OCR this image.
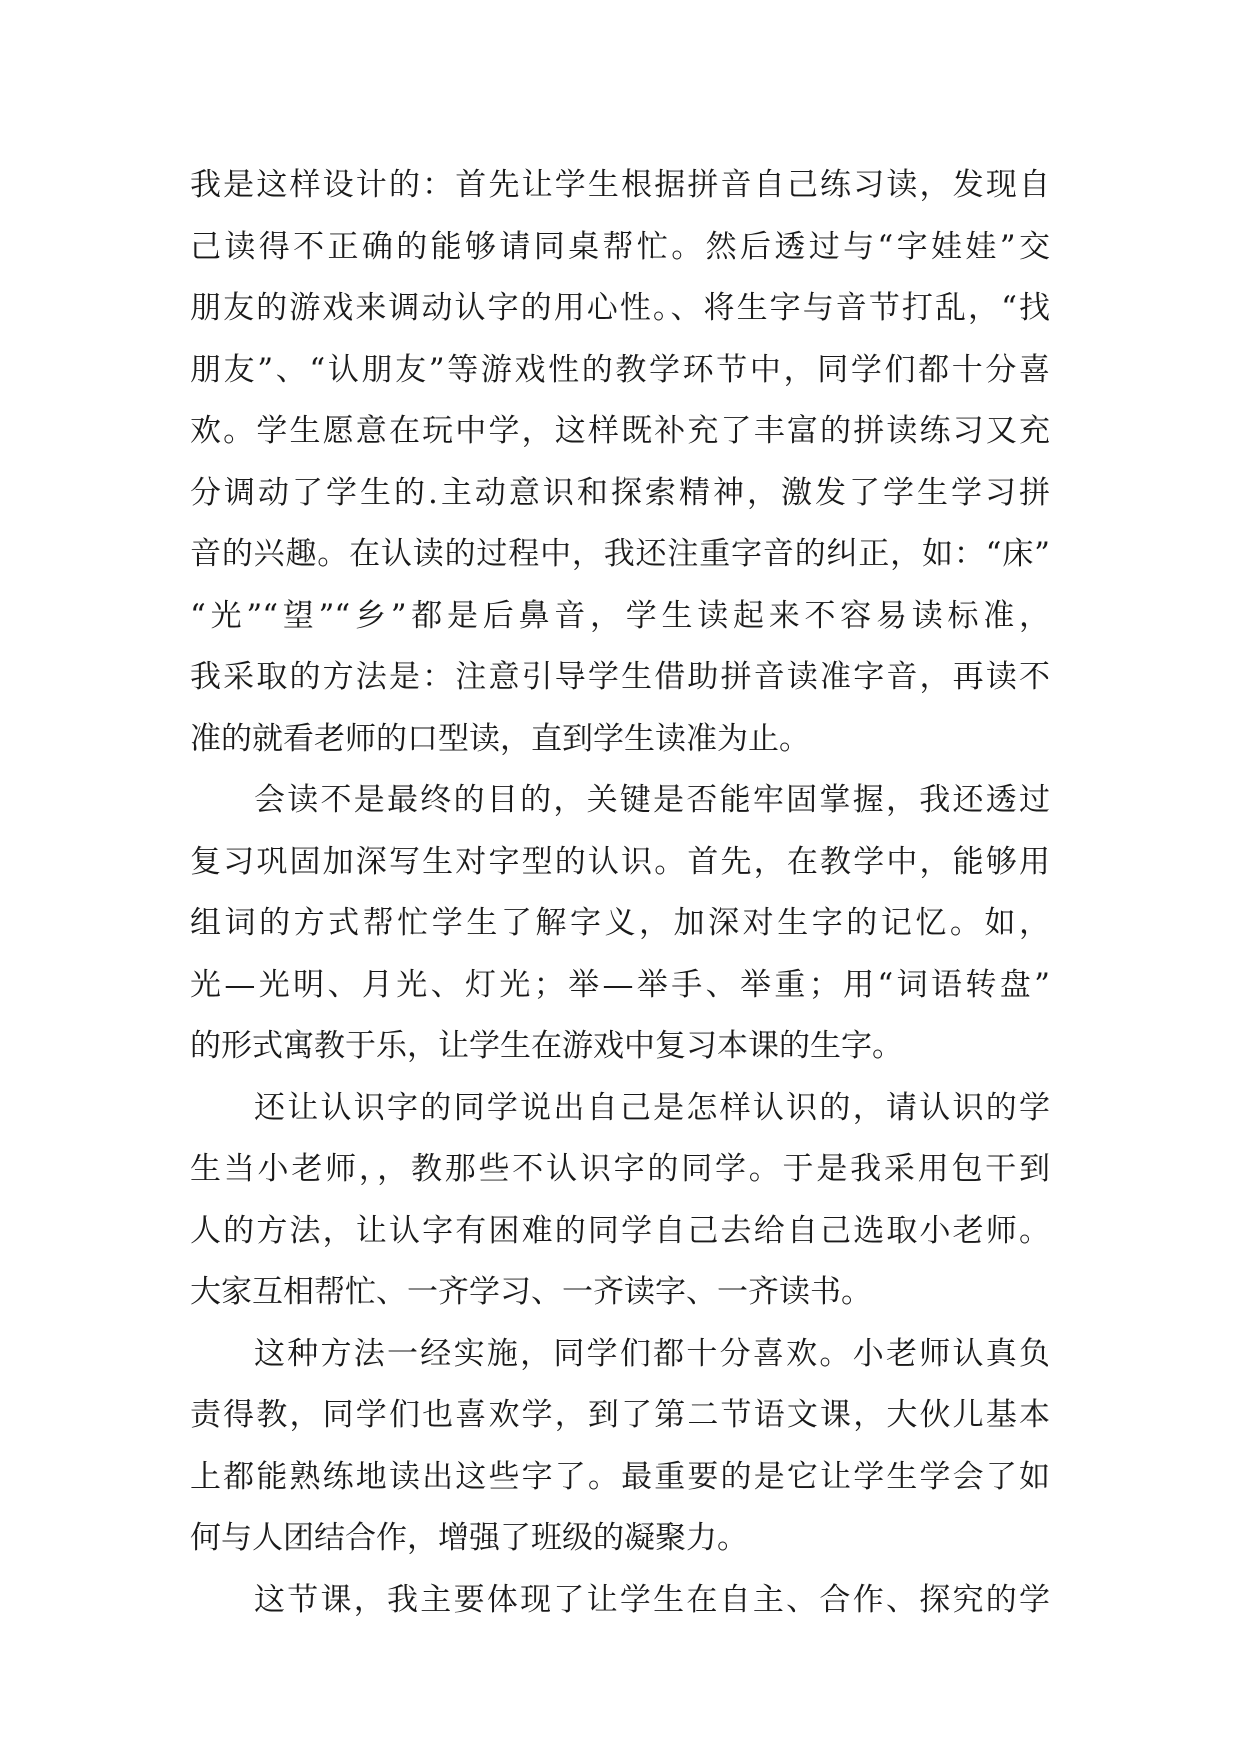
我是这样设计的：首先让学生根据拼音自己练习读，发现自
己读得不正确的能够请同桌帮忙。然后透过与“字娃娃”交
朋友的游戏来调动认字的用心性。、将生字与音节打乱，“找
朋友”、“认朋友”等游戏性的教学环节中，同学们都十分喜
欢。学生愿意在玩中学，这样既补充了丰富的拼读练习又充
分调动了学生的.主动意识和探索精神，激发了学生学习拼
音的兴趣。在认读的过程中，我还注重字音的纠正，如：“床”
“光”“望”“乡”都是后鼻音，学生读起来不容易读标准，
我采取的方法是：注意引导学生借助拼音读准字音，再读不
准的就看老师的口型读，直到学生读准为止。
会读不是最终的目的，关键是否能牢固掌握，我还透过
复习巩固加深写生对字型的认识。首先，在教学中，能够用
组词的方式帮忙学生了解字义，加深对生字的记忆。如，
光—光明、月光、灯光；举—举手、举重；用“词语转盘”
的形式寓教于乐，让学生在游戏中复习本课的生字。
还让认识字的同学说出自己是怎样认识的，请认识的学
生当小老师，，教那些不认识字的同学。于是我采用包干到
人的方法，让认字有困难的同学自己去给自己选取小老师。
大家互相帮忙、一齐学习、一齐读字、一齐读书。
这种方法一经实施，同学们都十分喜欢。小老师认真负
责得教，同学们也喜欢学，到了第二节语文课，大伙儿基本
上都能熟练地读出这些字了。最重要的是它让学生学会了如
何与人团结合作，增强了班级的凝聚力。
这节课，我主要体现了让学生在自主、合作、探究的学
